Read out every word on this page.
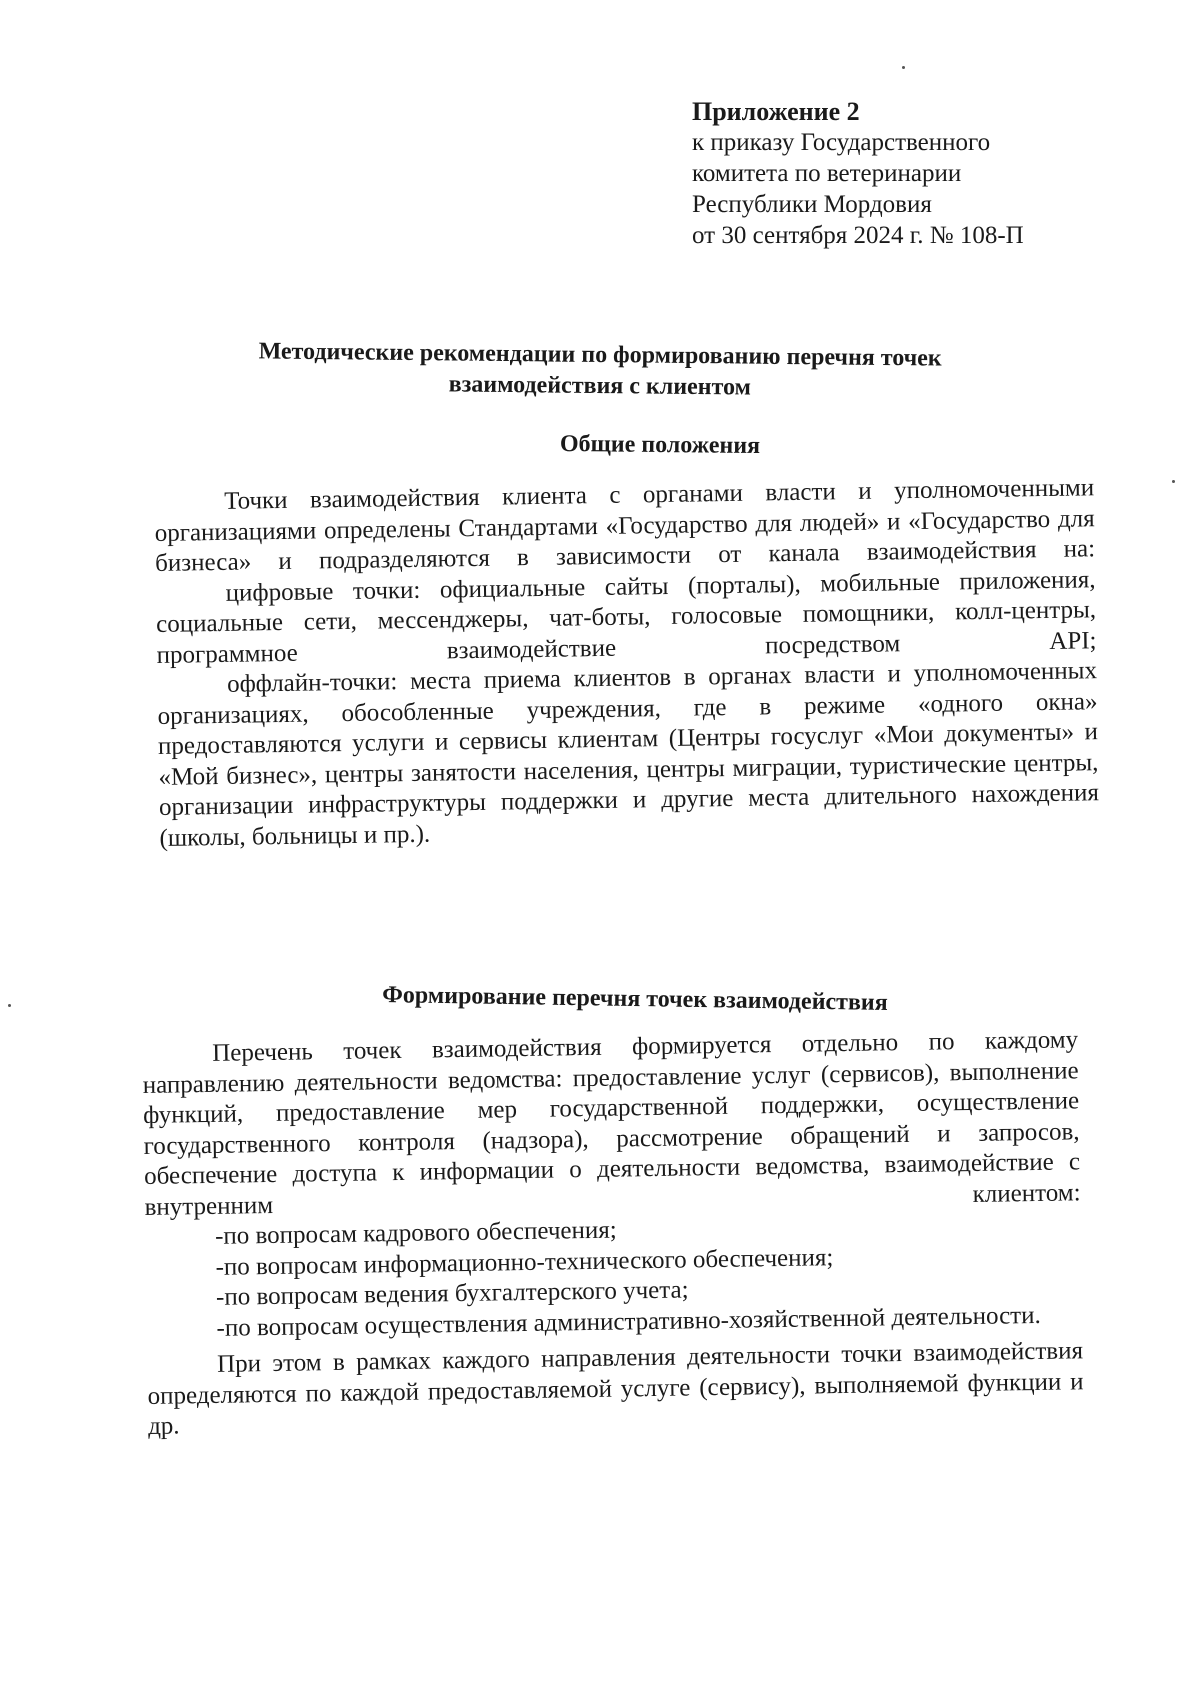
Приложение 2
к приказу Государственного
комитета по ветеринарии
Республики Мордовия
от 30 сентября 2024 г. № 108-П
Методические рекомендации по формированию перечня точек
взаимодействия с клиентом
Общие положения

Точки взаимодействия клиента с органами власти и уполномоченными организациями определены Стандартами «Государство для людей» и «Государство для бизнеса» и подразделяются в зависимости от канала взаимодействия на:

цифровые точки: официальные сайты (порталы), мобильные приложения, социальные сети, мессенджеры, чат-боты, голосовые помощники, колл-центры, программное взаимодействие посредством API;

оффлайн-точки: места приема клиентов в органах власти и уполномоченных организациях, обособленные учреждения, где в режиме «одного окна» предоставляются услуги и сервисы клиентам (Центры госуслуг «Мои документы» и «Мой бизнес», центры занятости населения, центры миграции, туристические центры, организации инфраструктуры поддержки и другие места длительного нахождения (школы, больницы и пр.).

Формирование перечня точек взаимодействия

Перечень точек взаимодействия формируется отдельно по каждому направлению деятельности ведомства: предоставление услуг (сервисов), выполнение функций, предоставление мер государственной поддержки, осуществление государственного контроля (надзора), рассмотрение обращений и запросов, обеспечение доступа к информации о деятельности ведомства, взаимодействие с внутренним клиентом:

-по вопросам кадрового обеспечения;

-по вопросам информационно-технического обеспечения;

-по вопросам ведения бухгалтерского учета;

-по вопросам осуществления административно-хозяйственной деятельности.

При этом в рамках каждого направления деятельности точки взаимодействия определяются по каждой предоставляемой услуге (сервису), выполняемой функции и др.
